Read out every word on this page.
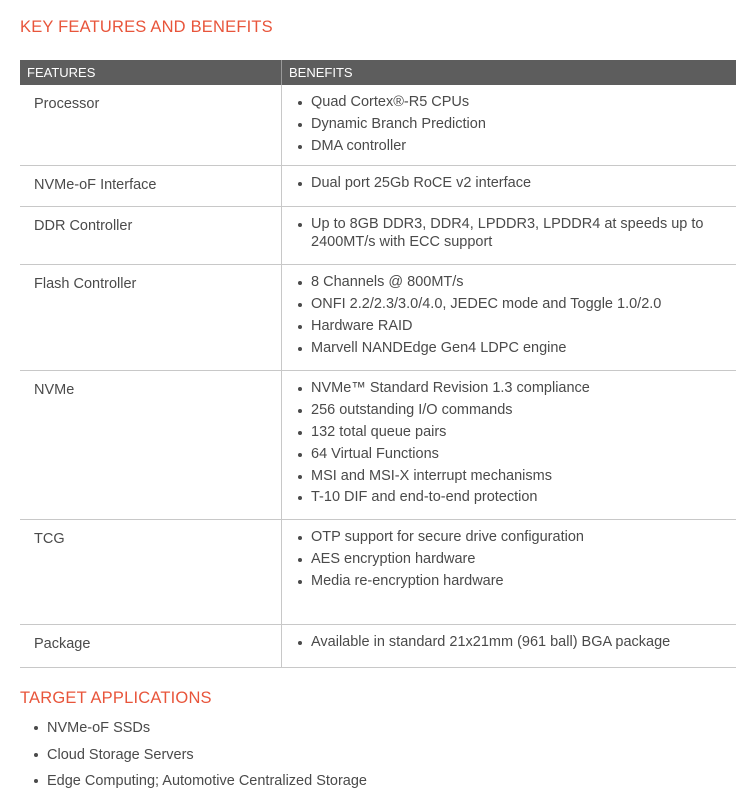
KEY FEATURES AND BENEFITS
FEATURES	BENEFITS
Processor	Quad Cortex®-R5 CPUs
Dynamic Branch Prediction
DMA controller
NVMe-oF Interface	Dual port 25Gb RoCE v2 interface
DDR Controller	Up to 8GB DDR3, DDR4, LPDDR3, LPDDR4 at speeds up to 2400MT/s with ECC support
Flash Controller	8 Channels @ 800MT/s
ONFI 2.2/2.3/3.0/4.0, JEDEC mode and Toggle 1.0/2.0
Hardware RAID
Marvell NANDEdge Gen4 LDPC engine
NVMe	NVMe™ Standard Revision 1.3 compliance
256 outstanding I/O commands
132 total queue pairs
64 Virtual Functions
MSI and MSI-X interrupt mechanisms
T-10 DIF and end-to-end protection
TCG	OTP support for secure drive configuration
AES encryption hardware
Media re-encryption hardware
Package	Available in standard 21x21mm (961 ball) BGA package
TARGET APPLICATIONS
NVMe-oF SSDs
Cloud Storage Servers
Edge Computing; Automotive Centralized Storage
